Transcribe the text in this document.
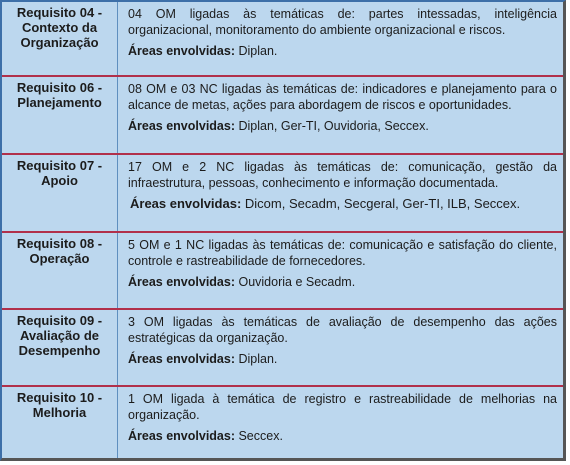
Requisito 04 -
Contexto da
Organização

04 OM ligadas às temáticas de: partes intessadas, inteligência organizacional, monitoramento do ambiente organizacional e riscos.

Áreas envolvidas: Diplan.
Requisito 06 -
Planejamento

08 OM e 03 NC ligadas às temáticas de: indicadores e planejamento para o alcance de metas, ações para abordagem de riscos e oportunidades.

Áreas envolvidas: Diplan, Ger-TI, Ouvidoria, Seccex.
Requisito 07 -
Apoio

17 OM e 2 NC ligadas às temáticas de: comunicação, gestão da infraestrutura, pessoas, conhecimento e informação documentada.

Áreas envolvidas: Dicom, Secadm, Secgeral, Ger-TI, ILB, Seccex.
Requisito 08 -
Operação

5 OM e 1 NC ligadas às temáticas de: comunicação e satisfação do cliente, controle e rastreabilidade de fornecedores.

Áreas envolvidas: Ouvidoria e Secadm.
Requisito 09 -
Avaliação de
Desempenho

3 OM ligadas às temáticas de avaliação de desempenho das ações estratégicas da organização.

Áreas envolvidas: Diplan.
Requisito 10 -
Melhoria

1 OM ligada à temática de registro e rastreabilidade de melhorias na organização.

Áreas envolvidas: Seccex.
